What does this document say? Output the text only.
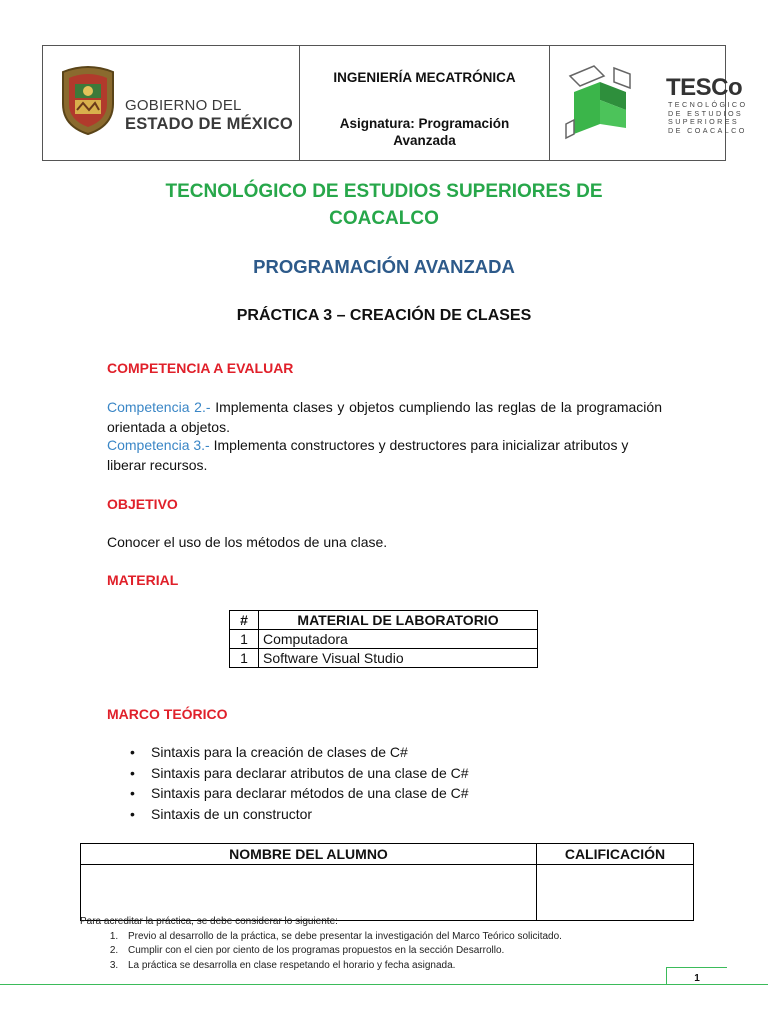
GOBIERNO DEL
ESTADO DE MÉXICO
INGENIERÍA MECATRÓNICA
Asignatura: Programación
Avanzada
TESCo
TECNOLÓGICO
DE ESTUDIOS
SUPERIORES
DE COACALCO
TECNOLÓGICO DE ESTUDIOS SUPERIORES DE
COACALCO
PROGRAMACIÓN AVANZADA
PRÁCTICA 3 – CREACIÓN DE CLASES
COMPETENCIA A EVALUAR
Competencia 2.- Implementa clases y objetos cumpliendo las reglas de la programación orientada a objetos.
Competencia 3.- Implementa constructores y destructores para inicializar atributos y liberar recursos.
OBJETIVO
Conocer el uso de los métodos de una clase.
MATERIAL
#	MATERIAL DE LABORATORIO
1	Computadora
1	Software Visual Studio
MARCO TEÓRICO
• Sintaxis para la creación de clases de C#
• Sintaxis para declarar atributos de una clase de C#
• Sintaxis para declarar métodos de una clase de C#
• Sintaxis de un constructor
NOMBRE DEL ALUMNO	CALIFICACIÓN

Para acreditar la práctica, se debe considerar lo siguiente:
1. Previo al desarrollo de la práctica, se debe presentar la investigación del Marco Teórico solicitado.
2. Cumplir con el cien por ciento de los programas propuestos en la sección Desarrollo.
3. La práctica se desarrolla en clase respetando el horario y fecha asignada.
1
